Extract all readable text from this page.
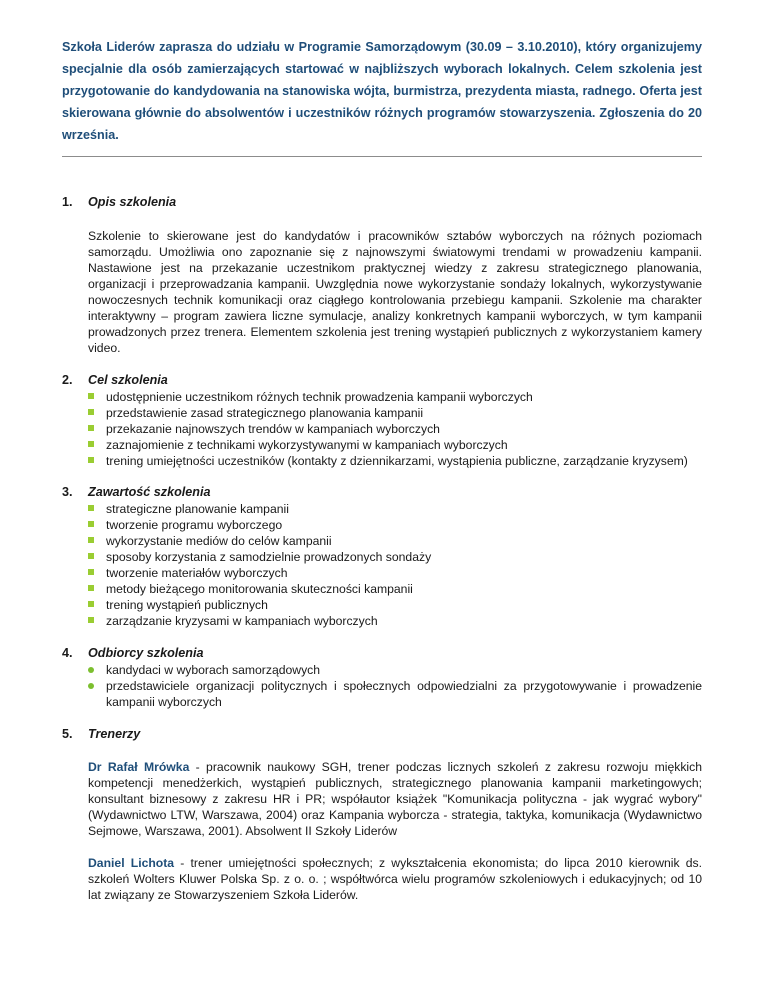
Szkoła Liderów zaprasza do udziału w Programie Samorządowym (30.09 – 3.10.2010), który organizujemy specjalnie dla osób zamierzających startować w najbliższych wyborach lokalnych. Celem szkolenia jest przygotowanie do kandydowania na stanowiska wójta, burmistrza, prezydenta miasta, radnego. Oferta jest skierowana głównie do absolwentów i uczestników różnych programów stowarzyszenia. Zgłoszenia do 20 września.

1.	Opis szkolenia

Szkolenie to skierowane jest do kandydatów i pracowników sztabów wyborczych na różnych poziomach samorządu. Umożliwia ono zapoznanie się z najnowszymi światowymi trendami w prowadzeniu kampanii. Nastawione jest na przekazanie uczestnikom praktycznej wiedzy z zakresu strategicznego planowania, organizacji i przeprowadzania kampanii. Uwzględnia nowe wykorzystanie sondaży lokalnych, wykorzystywanie nowoczesnych technik komunikacji oraz ciągłego kontrolowania przebiegu kampanii. Szkolenie ma charakter interaktywny – program zawiera liczne symulacje, analizy konkretnych kampanii wyborczych, w tym kampanii prowadzonych przez trenera. Elementem szkolenia jest trening wystąpień publicznych z wykorzystaniem kamery video.

2.	Cel szkolenia
udostępnienie uczestnikom różnych technik prowadzenia kampanii wyborczych
przedstawienie zasad strategicznego planowania kampanii
przekazanie najnowszych trendów w kampaniach wyborczych
zaznajomienie z technikami wykorzystywanymi w kampaniach wyborczych
trening umiejętności uczestników (kontakty z dziennikarzami, wystąpienia publiczne, zarządzanie kryzysem)
3.	Zawartość szkolenia
strategiczne planowanie kampanii
tworzenie programu wyborczego
wykorzystanie mediów do celów kampanii
sposoby korzystania z samodzielnie prowadzonych sondaży
tworzenie materiałów wyborczych
metody bieżącego monitorowania skuteczności kampanii
trening wystąpień publicznych
zarządzanie kryzysami w kampaniach wyborczych
4.	Odbiorcy szkolenia
kandydaci w wyborach samorządowych
przedstawiciele organizacji politycznych i społecznych odpowiedzialni za przygotowywanie i prowadzenie kampanii wyborczych
5.	Trenerzy

Dr Rafał Mrówka - pracownik naukowy SGH, trener podczas licznych szkoleń z zakresu rozwoju miękkich kompetencji menedżerkich, wystąpień publicznych, strategicznego planowania kampanii marketingowych; konsultant biznesowy z zakresu HR i PR; współautor książek "Komunikacja polityczna - jak wygrać wybory" (Wydawnictwo LTW, Warszawa, 2004) oraz Kampania wyborcza - strategia, taktyka, komunikacja (Wydawnictwo Sejmowe, Warszawa, 2001). Absolwent II Szkoły Liderów

Daniel Lichota - trener umiejętności społecznych; z wykształcenia ekonomista; do lipca 2010 kierownik ds. szkoleń Wolters Kluwer Polska Sp. z o. o. ; współtwórca wielu programów szkoleniowych i edukacyjnych; od 10 lat związany ze Stowarzyszeniem Szkoła Liderów.
